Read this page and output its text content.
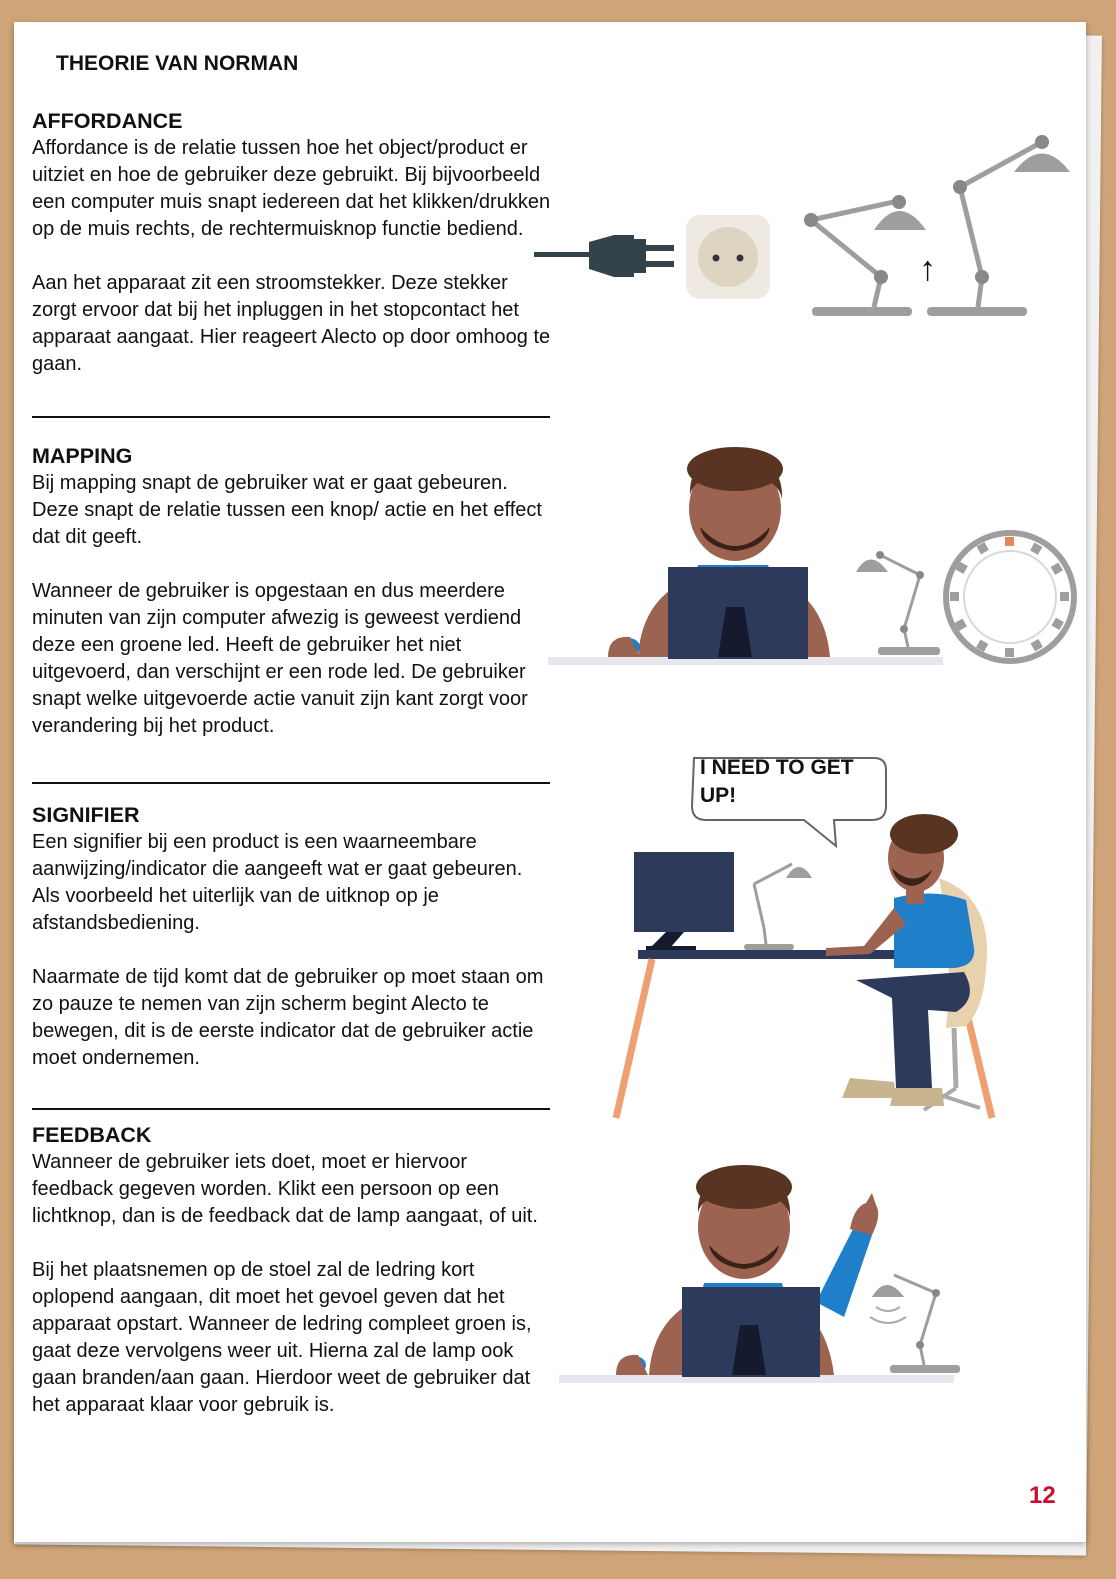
THEORIE VAN NORMAN
AFFORDANCE

Affordance is de relatie tussen hoe het object/product er uitziet en hoe de gebruiker deze gebruikt. Bij bijvoorbeeld een computer muis snapt iedereen dat het klikken/drukken op de muis rechts, de rechtermuisknop functie bediend.

Aan het apparaat zit een stroomstekker. Deze stekker zorgt ervoor dat bij het inpluggen in het stopcontact het apparaat aangaat. Hier reageert Alecto op door omhoog te gaan.

MAPPING

Bij mapping snapt de gebruiker wat er gaat gebeuren. Deze snapt de relatie tussen een knop/ actie en het effect dat dit geeft.

Wanneer de gebruiker is opgestaan en dus meerdere minuten van zijn computer afwezig is geweest verdiend deze een groene led. Heeft de gebruiker het niet uitgevoerd, dan verschijnt er een rode led. De gebruiker snapt welke uitgevoerde actie vanuit zijn kant zorgt voor verandering bij het product.

SIGNIFIER

Een signifier bij een product is een waarneembare aanwijzing/indicator die aangeeft wat er gaat gebeuren. Als voorbeeld het uiterlijk van de uitknop op je afstandsbediening.

Naarmate de tijd komt dat de gebruiker op moet staan om zo pauze te nemen van zijn scherm begint Alecto te bewegen, dit is de eerste indicator dat de gebruiker actie moet ondernemen.

FEEDBACK

Wanneer de gebruiker iets doet, moet er hiervoor feedback gegeven worden. Klikt een persoon op een lichtknop, dan is de feedback dat de lamp aangaat, of uit.

Bij het plaatsnemen op de stoel zal de ledring kort oplopend aangaan, dit moet het gevoel geven dat het apparaat opstart. Wanneer de ledring compleet groen is, gaat deze vervolgens weer uit. Hierna zal de lamp ook gaan branden/aan gaan. Hierdoor weet de gebruiker dat het apparaat klaar voor gebruik is.

↑
I NEED TO GET UP!
12
